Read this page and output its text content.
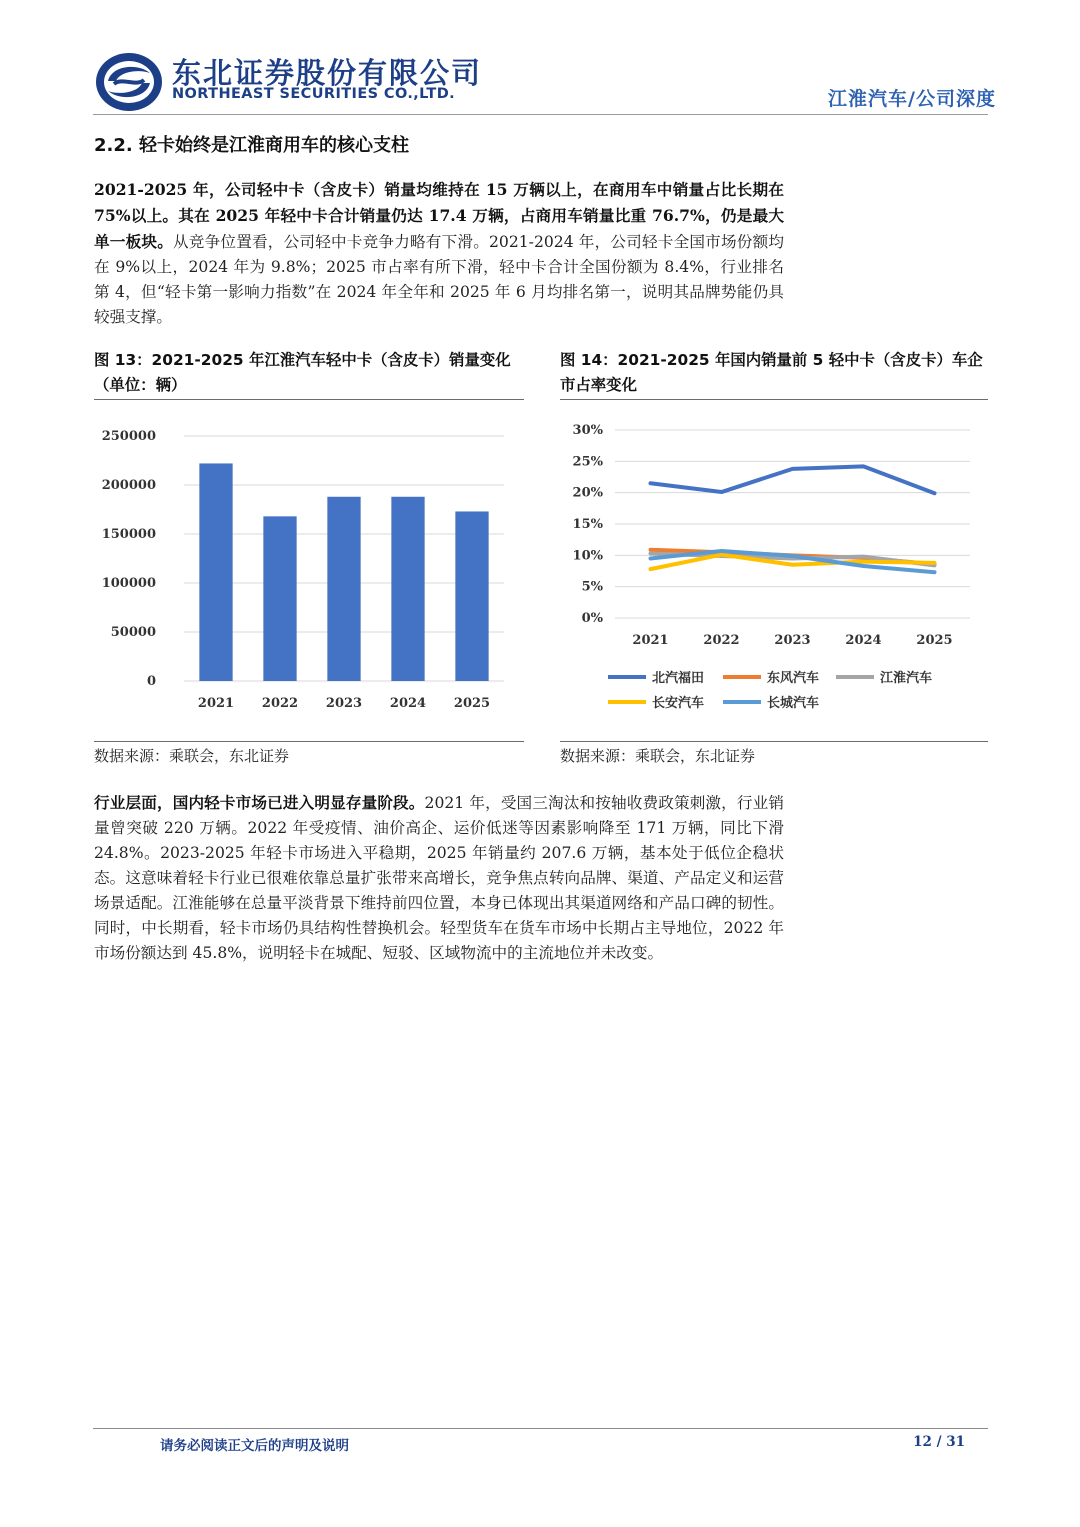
东北证券股份有限公司
NORTHEAST SECURITIES CO.,LTD.	江淮汽车/公司深度
2.2. 轻卡始终是江淮商用车的核心支柱

2021-2025 年，公司轻中卡（含皮卡）销量均维持在 15 万辆以上，在商用车中销量占比长期在 75%以上。其在 2025 年轻中卡合计销量仍达 17.4 万辆，占商用车销量比重 76.7%，仍是最大单一板块。从竞争位置看，公司轻中卡竞争力略有下滑。2021-2024 年，公司轻卡全国市场份额均在 9%以上，2024 年为 9.8%；2025 市占率有所下滑，轻中卡合计全国份额为 8.4%，行业排名第 4，但“轻卡第一影响力指数”在 2024 年全年和 2025 年 6 月均排名第一，说明其品牌势能仍具较强支撑。

图 13：2021-2025 年江淮汽车轻中卡（含皮卡）销量变化（单位：辆）
0
50000
100000
150000
200000
250000
2021 2022 2023 2024 2025
数据来源：乘联会，东北证券
图 14：2021-2025 年国内销量前 5 轻中卡（含皮卡）车企市占率变化
0%
5%
10%
15%
20%
25%
30%
2021	2022	2023	2024	2025
北汽福田	东风汽车	江淮汽车
长安汽车	长城汽车
数据来源：乘联会，东北证券

行业层面，国内轻卡市场已进入明显存量阶段。2021 年，受国三淘汰和按轴收费政策刺激，行业销量曾突破 220 万辆。2022 年受疫情、油价高企、运价低迷等因素影响降至 171 万辆，同比下滑 24.8%。2023-2025 年轻卡市场进入平稳期，2025 年销量约 207.6 万辆，基本处于低位企稳状态。这意味着轻卡行业已很难依靠总量扩张带来高增长，竞争焦点转向品牌、渠道、产品定义和运营场景适配。江淮能够在总量平淡背景下维持前四位置，本身已体现出其渠道网络和产品口碑的韧性。同时，中长期看，轻卡市场仍具结构性替换机会。轻型货车在货车市场中长期占主导地位，2022 年市场份额达到 45.8%，说明轻卡在城配、短驳、区域物流中的主流地位并未改变。

请务必阅读正文后的声明及说明	12 / 31
